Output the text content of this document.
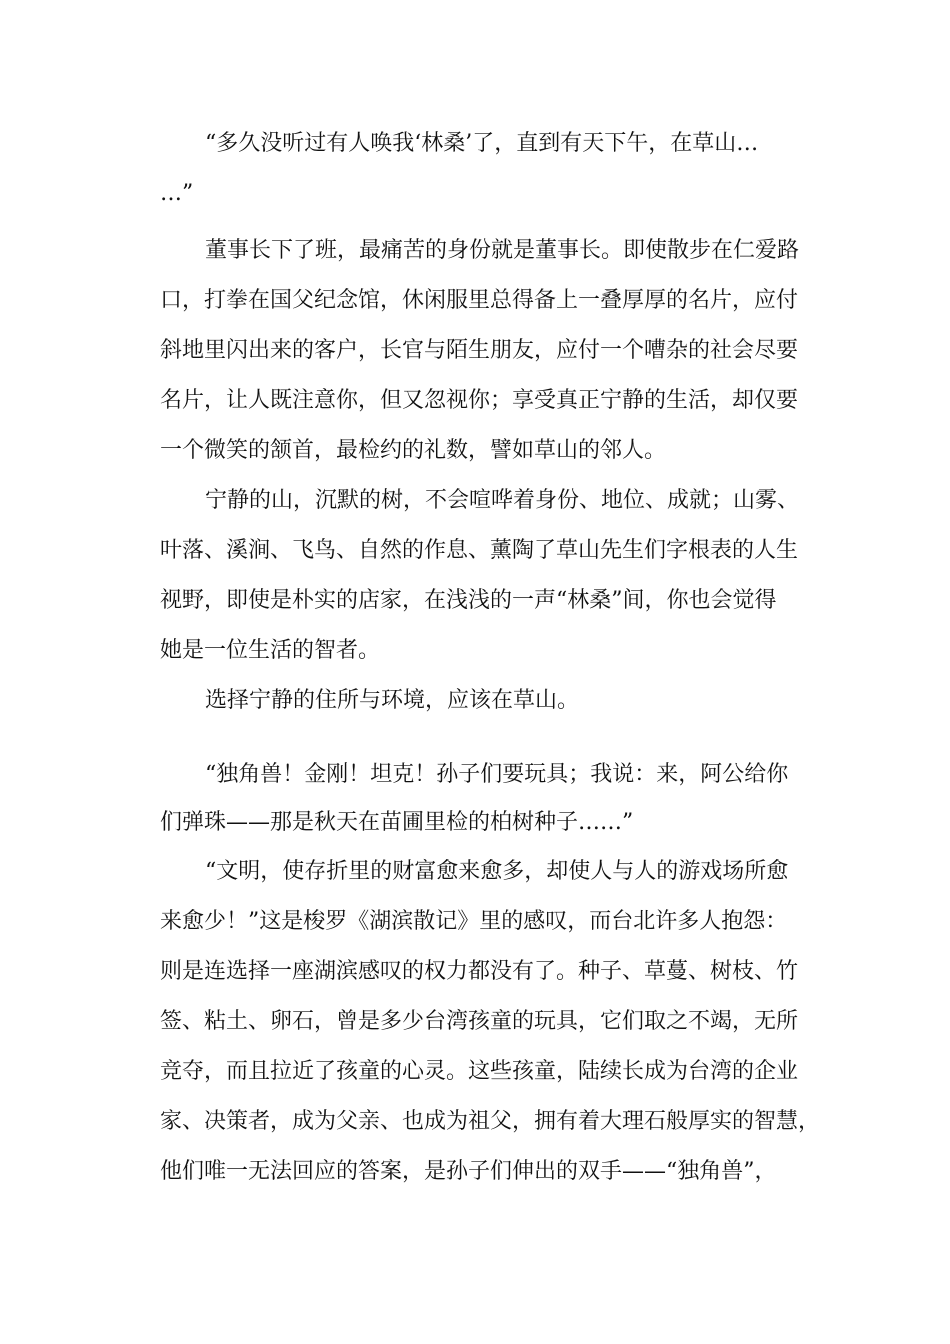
“多久没听过有人唤我‘林桑’了，直到有天下午，在草山…

…”

董事长下了班，最痛苦的身份就是董事长。即使散步在仁爱路

口，打拳在国父纪念馆，休闲服里总得备上一叠厚厚的名片，应付

斜地里闪出来的客户，长官与陌生朋友，应付一个嘈杂的社会尽要

名片，让人既注意你，但又忽视你；享受真正宁静的生活，却仅要

一个微笑的颔首，最检约的礼数，譬如草山的邻人。

宁静的山，沉默的树，不会喧哗着身份、地位、成就；山雾、

叶落、溪涧、飞鸟、自然的作息、薰陶了草山先生们字根表的人生

视野，即使是朴实的店家，在浅浅的一声“林桑”间，你也会觉得

她是一位生活的智者。

选择宁静的住所与环境，应该在草山。

“独角兽！金刚！坦克！孙子们要玩具；我说：来，阿公给你

们弹珠——那是秋天在苗圃里检的柏树种子……”

“文明，使存折里的财富愈来愈多，却使人与人的游戏场所愈

来愈少！”这是梭罗《湖滨散记》里的感叹，而台北许多人抱怨：

则是连选择一座湖滨感叹的权力都没有了。种子、草蔓、树枝、竹

签、粘土、卵石，曾是多少台湾孩童的玩具，它们取之不竭，无所

竞夺，而且拉近了孩童的心灵。这些孩童，陆续长成为台湾的企业

家、决策者，成为父亲、也成为祖父，拥有着大理石般厚实的智慧，

他们唯一无法回应的答案，是孙子们伸出的双手——“独角兽”，
